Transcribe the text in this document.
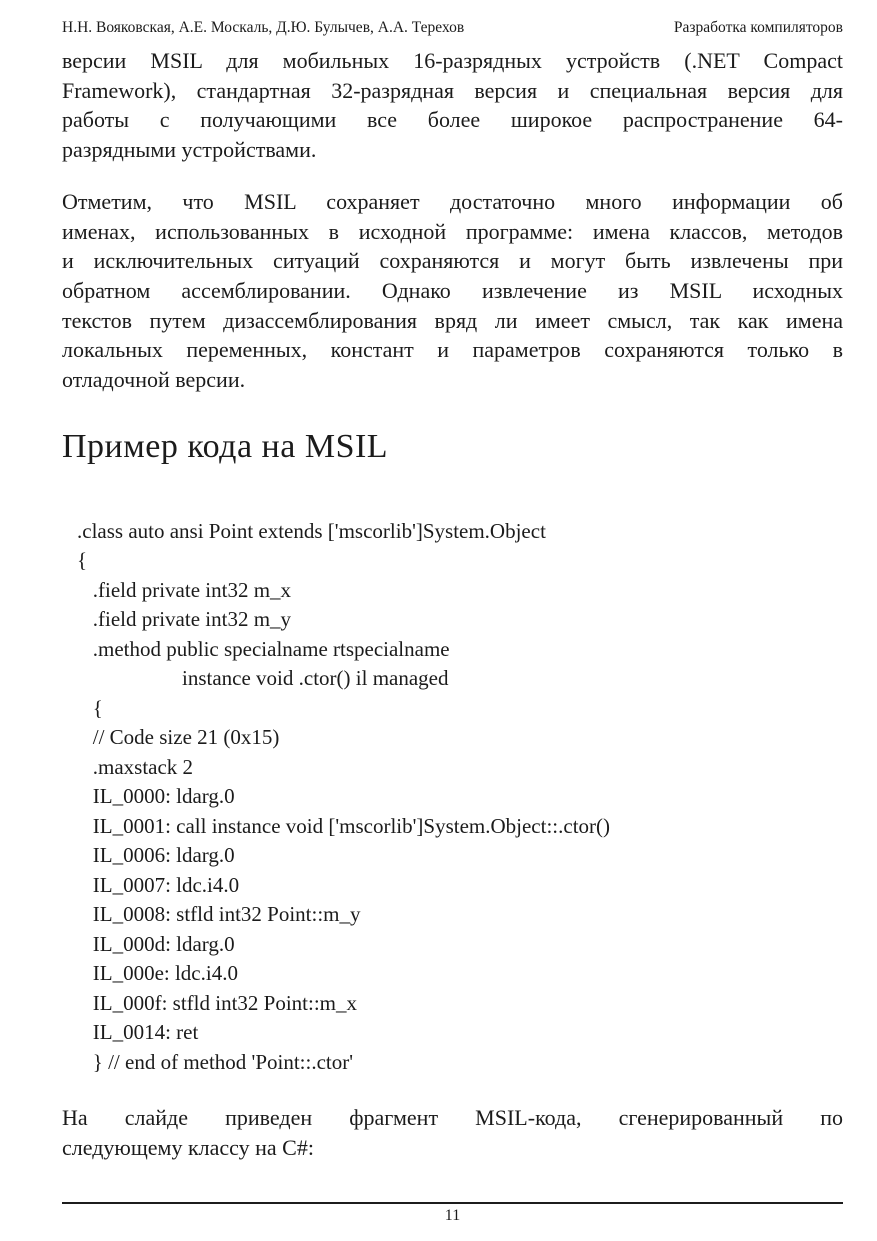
Н.Н. Вояковская, А.Е. Москаль, Д.Ю. Булычев, А.А. Терехов	Разработка компиляторов
версии MSIL для мобильных 16-разрядных устройств (.NET Compact
Framework), стандартная 32-разрядная версия и специальная версия для
работы с получающими все более широкое распространение 64-
разрядными устройствами.
Отметим, что MSIL сохраняет достаточно много информации об
именах, использованных в исходной программе: имена классов, методов
и исключительных ситуаций сохраняются и могут быть извлечены при
обратном ассемблировании. Однако извлечение из MSIL исходных
текстов путем дизассемблирования вряд ли имеет смысл, так как имена
локальных переменных, констант и параметров сохраняются только в
отладочной версии.
Пример кода на MSIL
.class auto ansi Point extends ['mscorlib']System.Object
{
.field private int32 m_x
.field private int32 m_y
.method public specialname rtspecialname
instance void .ctor() il managed
{
// Code size 21 (0x15)
.maxstack 2
IL_0000: ldarg.0
IL_0001: call instance void ['mscorlib']System.Object::.ctor()
IL_0006: ldarg.0
IL_0007: ldc.i4.0
IL_0008: stfld int32 Point::m_y
IL_000d: ldarg.0
IL_000e: ldc.i4.0
IL_000f: stfld int32 Point::m_x
IL_0014: ret
} // end of method 'Point::.ctor'
На слайде приведен фрагмент MSIL-кода, сгенерированный по
следующему классу на C#:
11
